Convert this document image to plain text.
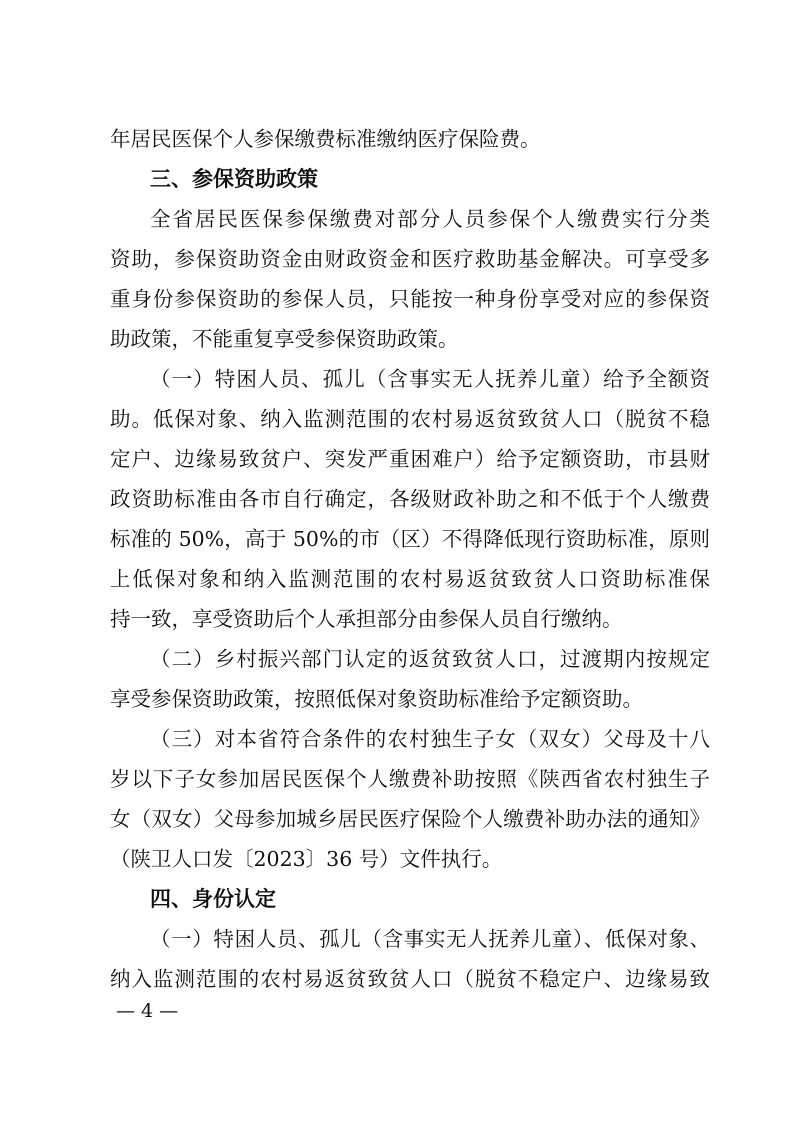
年居民医保个人参保缴费标准缴纳医疗保险费。
三、参保资助政策
全省居民医保参保缴费对部分人员参保个人缴费实行分类
资助，参保资助资金由财政资金和医疗救助基金解决。可享受多
重身份参保资助的参保人员，只能按一种身份享受对应的参保资
助政策，不能重复享受参保资助政策。
（一）特困人员、孤儿（含事实无人抚养儿童）给予全额资
助。低保对象、纳入监测范围的农村易返贫致贫人口（脱贫不稳
定户、边缘易致贫户、突发严重困难户）给予定额资助，市县财
政资助标准由各市自行确定，各级财政补助之和不低于个人缴费
标准的 50%，高于 50%的市（区）不得降低现行资助标准，原则
上低保对象和纳入监测范围的农村易返贫致贫人口资助标准保
持一致，享受资助后个人承担部分由参保人员自行缴纳。
（二）乡村振兴部门认定的返贫致贫人口，过渡期内按规定
享受参保资助政策，按照低保对象资助标准给予定额资助。
（三）对本省符合条件的农村独生子女（双女）父母及十八
岁以下子女参加居民医保个人缴费补助按照《陕西省农村独生子
女（双女）父母参加城乡居民医疗保险个人缴费补助办法的通知》
（陕卫人口发〔2023〕36 号）文件执行。
四、身份认定
（一）特困人员、孤儿（含事实无人抚养儿童）、低保对象、
纳入监测范围的农村易返贫致贫人口（脱贫不稳定户、边缘易致
— 4 —
